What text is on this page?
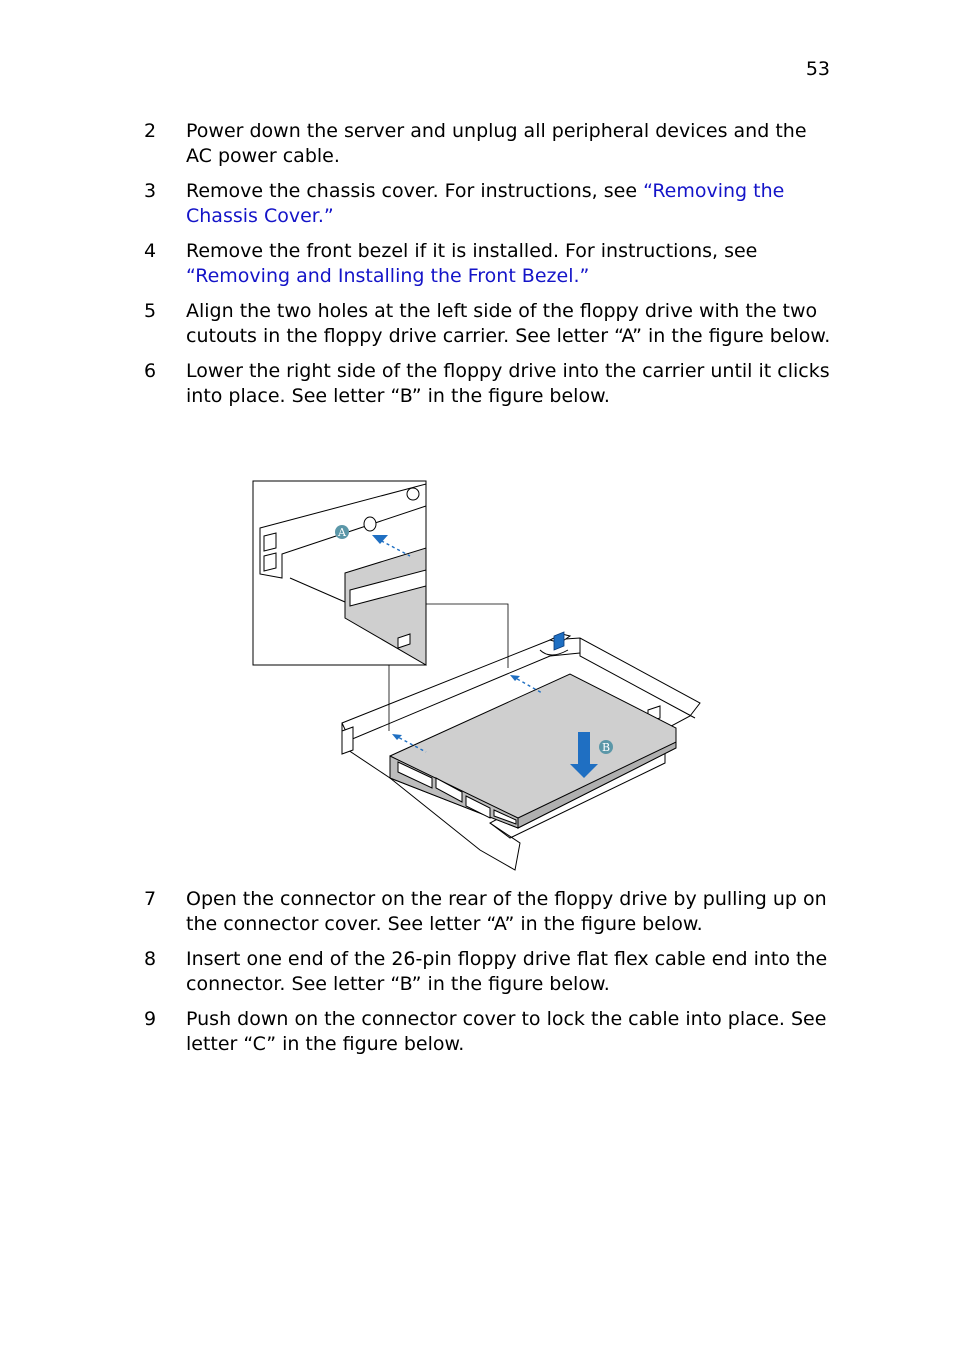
53
2 Power down the server and unplug all peripheral devices and the AC power cable.
3 Remove the chassis cover. For instructions, see “Removing the Chassis Cover.”
4 Remove the front bezel if it is installed. For instructions, see “Removing and Installing the Front Bezel.”
5 Align the two holes at the left side of the floppy drive with the two cutouts in the floppy drive carrier. See letter “A” in the figure below.
6 Lower the right side of the floppy drive into the carrier until it clicks into place. See letter “B” in the figure below.
B
A
7 Open the connector on the rear of the floppy drive by pulling up on the connector cover. See letter “A” in the figure below.
8 Insert one end of the 26-pin floppy drive flat flex cable end into the connector. See letter “B” in the figure below.
9 Push down on the connector cover to lock the cable into place. See letter “C” in the figure below.
